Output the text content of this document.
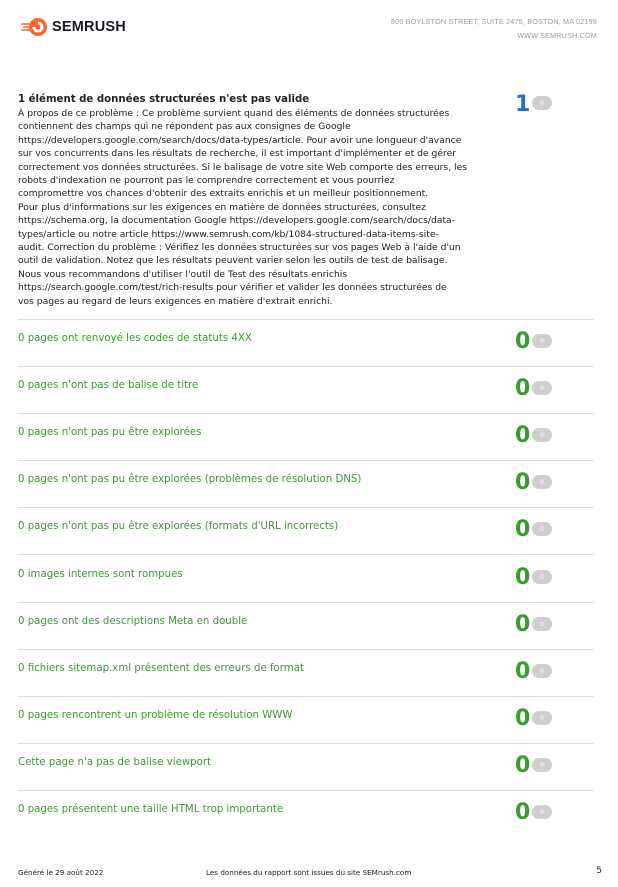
SEMRUSH	800 BOYLSTON STREET, SUITE 2475, BOSTON, MA 02199
WWW.SEMRUSH.COM
1 élément de données structurées n'est pas valide
À propos de ce problème : Ce problème survient quand des éléments de données structurées
contiennent des champs qui ne répondent pas aux consignes de Google
https://developers.google.com/search/docs/data-types/article. Pour avoir une longueur d'avance
sur vos concurrents dans les résultats de recherche, il est important d'implémenter et de gérer
correctement vos données structurées. Si le balisage de votre site Web comporte des erreurs, les
robots d'indexation ne pourront pas le comprendre correctement et vous pourriez
compromettre vos chances d'obtenir des extraits enrichis et un meilleur positionnement.
Pour plus d'informations sur les exigences en matière de données structurées, consultez
https://schema.org, la documentation Google https://developers.google.com/search/docs/data-
types/article ou notre article https://www.semrush.com/kb/1084-structured-data-items-site-
audit. Correction du problème : Vérifiez les données structurées sur vos pages Web à l'aide d'un
outil de validation. Notez que les résultats peuvent varier selon les outils de test de balisage.
Nous vous recommandons d'utiliser l'outil de Test des résultats enrichis
https://search.google.com/test/rich-results pour vérifier et valider les données structurées de
vos pages au regard de leurs exigences en matière d'extrait enrichi.
1	0
0 pages ont renvoyé les codes de statuts 4XX	0	0
0 pages n'ont pas de balise de titre	0	0
0 pages n'ont pas pu être explorées	0	0
0 pages n'ont pas pu être explorées (problèmes de résolution DNS)	0	0
0 pages n'ont pas pu être explorées (formats d'URL incorrects)	0	0
0 images internes sont rompues	0	0
0 pages ont des descriptions Meta en double	0	0
0 fichiers sitemap.xml présentent des erreurs de format	0	0
0 pages rencontrent un problème de résolution WWW	0	0
Cette page n'a pas de balise viewport	0	0
0 pages présentent une taille HTML trop importante	0	0
Généré le 29 août 2022	Les données du rapport sont issues du site SEMrush.com	5
